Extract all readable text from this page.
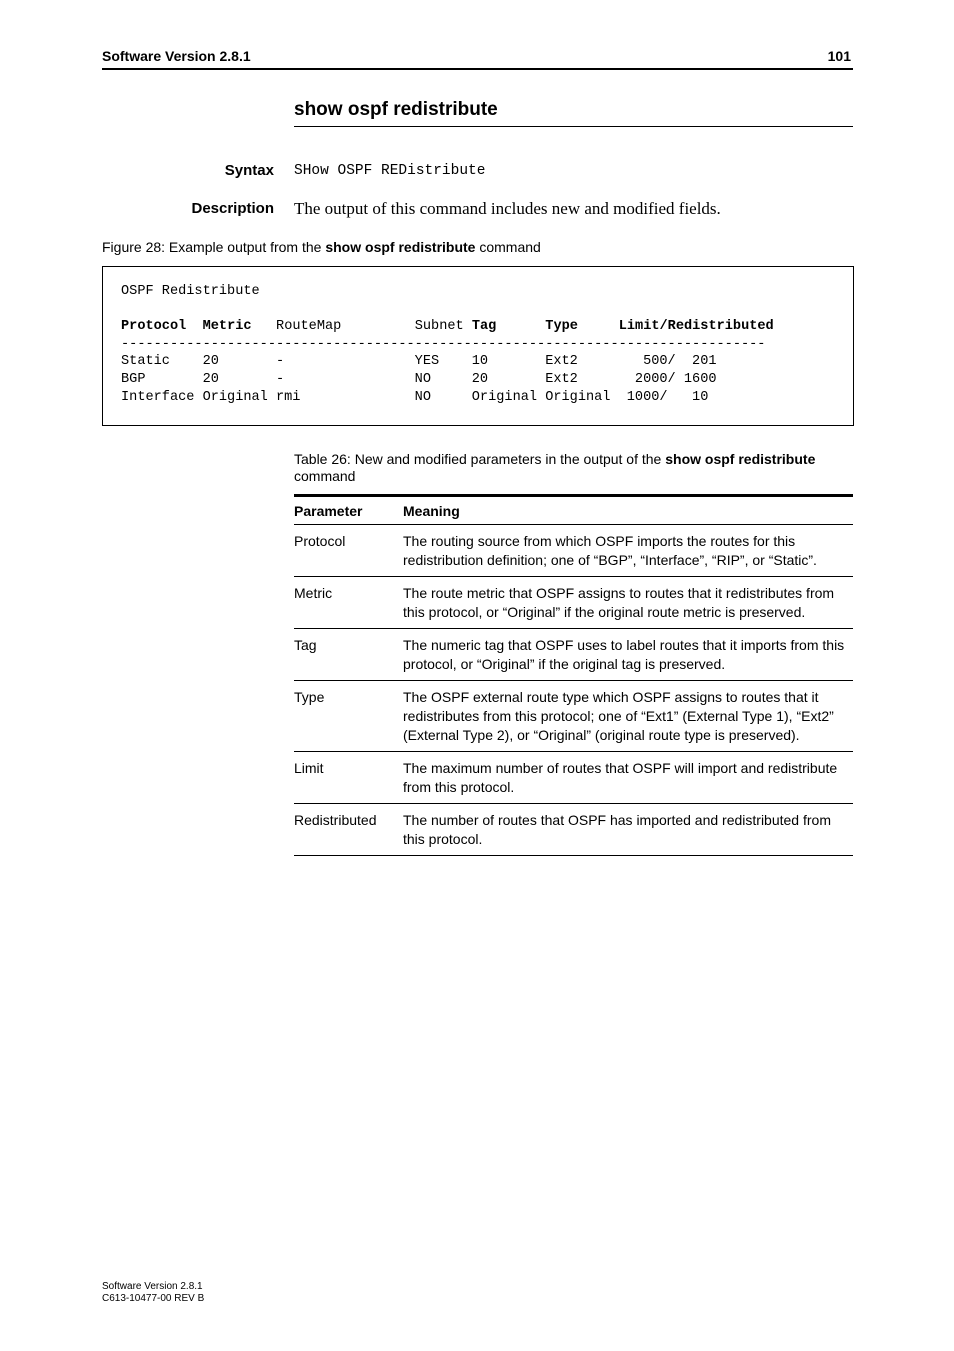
Software Version 2.8.1	101
show ospf redistribute
Syntax SHow OSPF REDistribute
Description The output of this command includes new and modified fields.
Figure 28: Example output from the show ospf redistribute command
OSPF Redistribute
Protocol Metric RouteMap	Subnet Tag	Type	Limit/Redistributed
-------------------------------------------------------------------------------
Static    20       -                YES    10       Ext2        500/  201
BGP       20       -                NO     20       Ext2       2000/ 1600
Interface Original rmi              NO     Original Original  1000/   10
Table 26: New and modified parameters in the output of the show ospf redistribute
command
Parameter	Meaning
Protocol	The routing source from which OSPF imports the routes for this redistribution definition; one of “BGP”, “Interface”, “RIP”, or “Static”.
Metric	The route metric that OSPF assigns to routes that it redistributes from this protocol, or “Original” if the original route metric is preserved.
Tag	The numeric tag that OSPF uses to label routes that it imports from this protocol, or “Original” if the original tag is preserved.
Type	The OSPF external route type which OSPF assigns to routes that it redistributes from this protocol; one of “Ext1” (External Type 1), “Ext2” (External Type 2), or “Original” (original route type is preserved).
Limit	The maximum number of routes that OSPF will import and redistribute from this protocol.
Redistributed	The number of routes that OSPF has imported and redistributed from this protocol.
Software Version 2.8.1
C613-10477-00 REV B
